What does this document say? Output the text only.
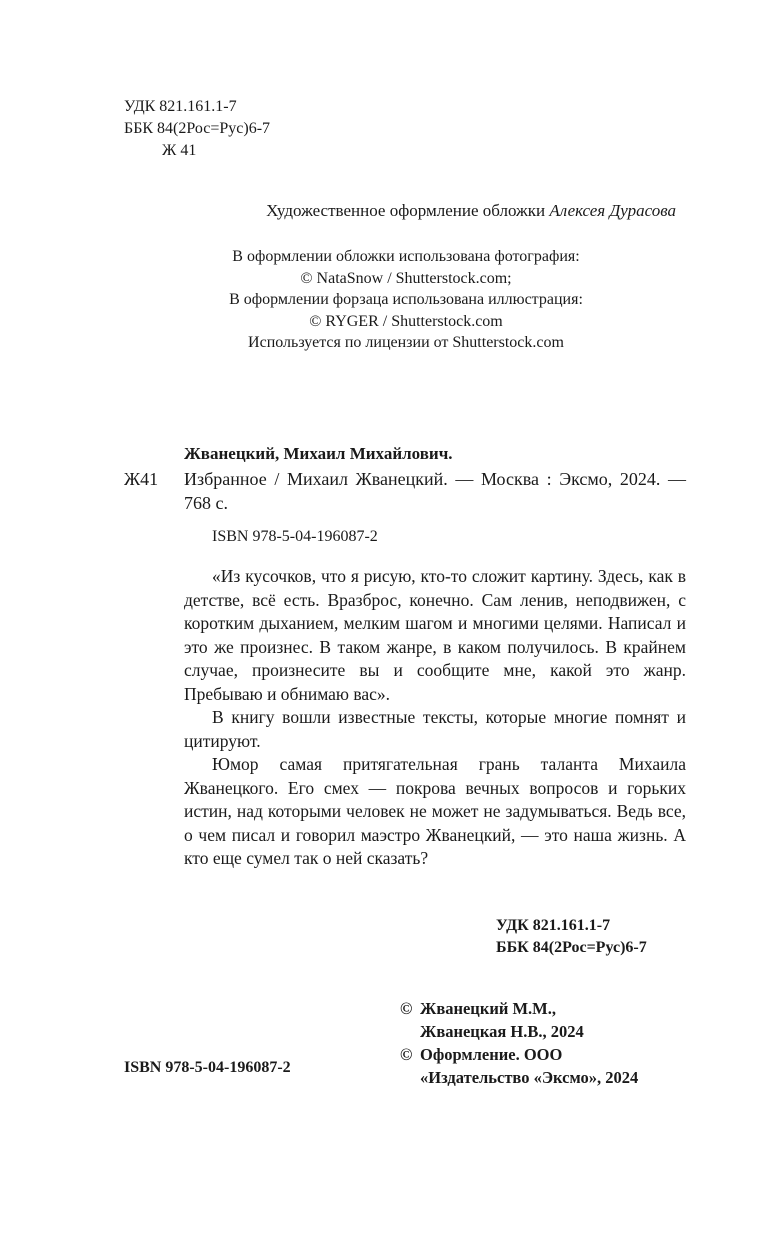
УДК 821.161.1-7
ББК 84(2Рос=Рус)6-7
Ж 41
Художественное оформление обложки Алексея Дурасова
В оформлении обложки использована фотография:
© NataSnow / Shutterstock.com;
В оформлении форзаца использована иллюстрация:
© RYGER / Shutterstock.com
Используется по лицензии от Shutterstock.com
Жванецкий, Михаил Михайлович.
Ж41 Избранное / Михаил Жванецкий. — Москва : Эксмо, 2024. — 768 с.
ISBN 978-5-04-196087-2

«Из кусочков, что я рисую, кто-то сложит картину. Здесь, как в детстве, всё есть. Вразброс, конечно. Сам ленив, неподвижен, с коротким дыханием, мелким шагом и многими целями. Написал и это же произнес. В таком жанре, в каком получилось. В крайнем случае, произнесите вы и сообщите мне, какой это жанр. Пребываю и обнимаю вас».

В книгу вошли известные тексты, которые многие помнят и цитируют.

Юмор самая притягательная грань таланта Михаила Жванецкого. Его смех — покрова вечных вопросов и горьких истин, над которыми человек не может не задумываться. Ведь все, о чем писал и говорил маэстро Жванецкий, — это наша жизнь. А кто еще сумел так о ней сказать?

УДК 821.161.1-7
ББК 84(2Рос=Рус)6-7
© Жванецкий М.М.,
Жванецкая Н.В., 2024
© Оформление. ООО
«Издательство «Эксмо», 2024
ISBN 978-5-04-196087-2
